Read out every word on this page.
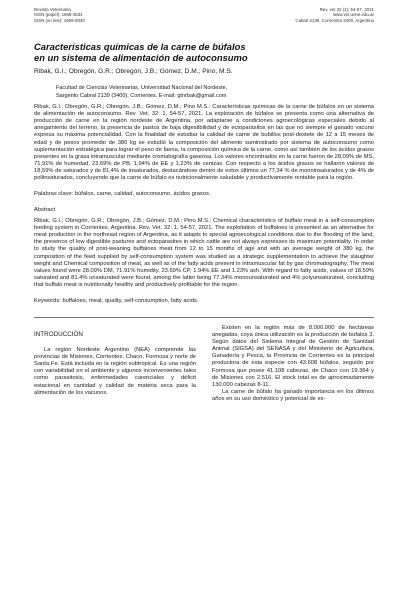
Revista Veterinaria
ISSN (papel): 1668-4834
ISSN (on line): 1669-6840
Rev. vet 32 (1): 54-57, 2021
www.vet.unne.edu.ar
Cabral 2139, Corrientes 3400, Argentina
Características químicas de la carne de búfalos
en un sistema de alimentación de autoconsumo
Ribak, G.I.; Obregón, G.R.; Obregón, J.B.; Gómez, D.M.; Pino, M.S.
Facultad de Ciencias Veterinarias, Universidad Nacional del Nordeste,
Sargento Cabral 2139 (3400), Corrientes. E-mail: gtnrbak@gmail.com

Ribak, G.I.; Obregón, G.R.; Obregón, J.B.; Gómez, D.M.; Pino M.S.: Características químicas de la carne de búfalos en un sistema de alimentación de autoconsumo. Rev. Vet. 32: 1, 54-57, 2021. La explotación de búfalos se presenta como una alternativa de producción de carne en la región nordeste de Argentina, por adaptarse a condiciones agroecológicas especiales debido al anegamiento del terreno, la presencia de pastos de baja digestibilidad y de ectoparásitos en las que no siempre el ganado vacuno expresa su máxima potencialidad. Con la finalidad de estudiar la calidad de carne de bubillos post-destete de 12 a 15 meses de edad y de pesos promedio de 380 kg se estudió la composición del alimento suministrado por sistema de autoconsumo como suplementación estratégica para lograr el peso de faena, la composición química de la carne, como así también de los ácidos grasos presentes en la grasa intramuscular mediante cromatografía gaseosa. Los valores encontrados en la carne fueron de 28,09% de MS, 71,91% de humedad, 23,69% de PB, 1,94% de EE y 1,23% de cenizas. Con respecto a los ácidos grasos se hallaron valores de 18,59% de saturados y de 81,4% de insaturados, destacándose dentro de estos últimos un 77,34 % de monoinsaturados y de 4% de poliinsaturados, concluyendo que la carne de búfalo es nutricionalmente saludable y productivamente rentable para la región.

Palabras clave: búfalos, carne, calidad, autoconsumo, ácidos grasos.
Abstract

Ribak, G.I.; Obregón, G.R.; Obregón, J.B.; Gómez, D.M.; Pino M.S.: Chemical characteristics of buffalo meat in a self-consumption feeding system in Corrientes, Argentina. Rev. Vet. 32: 1, 54-57, 2021. The exploitation of buffaloes is presented as an alternative for meat production in the northeast region of Argentina, as it adapts to special agroecological conditions due to the flooding of the land, the presence of low digestible pastures and ectoparasites in which cattle are not always expresses its maximum potentiality. In order to study the quality of post-weaning buffaloes meat from 12 to 15 months of age and with an average weight of 380 kg, the composition of the feed supplied by self-consumption system was studied as a strategic supplementation to achieve the slaughter weight and Chemical composition of meat, as well as of the fatty acids present in intramuscular fat by gas chromatography. The meat values found were 28.09% DM, 71.91% humidity, 23.69% CP, 1.94% EE and 1.23% ash. With regard to fatty acids, values of 18.59% saturated and 81.4% unsaturated were found, among the latter being 77.34% monounsaturated and 4% polyunsaturated, concluding that buffalo meat is nutritionally healthy and productively profitable for the region.

Keywords: buffaloes, meat, quality, self-consumption, fatty acids.
INTRODUCCIÓN

La región Nordeste Argentino (NEA) comprende las provincias de Misiones, Corrientes, Chaco, Formosa y norte de Santa Fe. Está incluida en la región subtropical. Es una región con variabilidad en el ambiente y algunos inconvenientes tales como parasitosis, enfermedades carenciales y déficit estacional en cantidad y calidad de materia seca para la alimentación de los vacunos.

Existen en la región más de 8.000.000 de hectáreas anegadas, coya única utilización es la producción de búfalos 3. Según datos del Sistema Integral de Gestión de Sanidad Animal (SIGSA) del SENASA y del Ministerio de Agricultura, Ganadería y Pesca, la Provincia de Corrientes es la principal productora de esta especie con 43.608 búfalos, seguido por Formosa que posee 41.108 cabezas, de Chaco con 19.364 y de Misiones con 2.516. El stock total es de aproximadamente 130.000 cabezas 8-11.

La carne de búfalo ha ganado importancia en los últimos años en su uso doméstico y potencial de ex-
